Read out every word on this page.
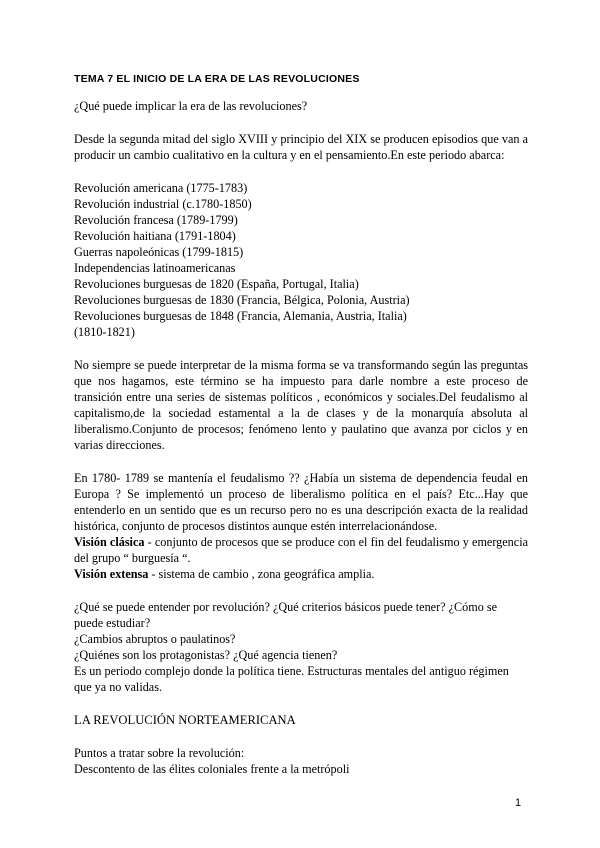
TEMA 7 EL INICIO DE LA ERA DE LAS REVOLUCIONES

¿Qué puede implicar la era de las revoluciones?

Desde la segunda mitad del siglo XVIII y principio del XIX se producen episodios que van a producir un cambio cualitativo en la cultura y en el pensamiento.En este periodo abarca:

Revolución americana (1775-1783)
Revolución industrial (c.1780-1850)
Revolución francesa (1789-1799)
Revolución haitiana (1791-1804)
Guerras napoleónicas (1799-1815)
Independencias latinoamericanas
Revoluciones burguesas de 1820 (España, Portugal, Italia)
Revoluciones burguesas de 1830 (Francia, Bélgica, Polonia, Austria)
Revoluciones burguesas de 1848 (Francia, Alemania, Austria, Italia)
(1810-1821)

No siempre se puede interpretar de la misma forma se va transformando según las preguntas que nos hagamos, este término se ha impuesto para darle nombre a este proceso de transición entre una series de sistemas políticos , económicos y sociales.Del feudalismo al capitalismo,de la sociedad estamental a la de clases y de la monarquía absoluta al liberalismo.Conjunto de procesos; fenómeno lento y paulatino que avanza por ciclos y en varias direcciones.

En 1780- 1789 se mantenía el feudalismo ?? ¿Había un sistema de dependencia feudal en Europa ? Se implementó un proceso de liberalismo política en el país? Etc...Hay que entenderlo en un sentido que es un recurso pero no es una descripción exacta de la realidad histórica, conjunto de procesos distintos aunque estén interrelacionándose.

Visión clásica - conjunto de procesos que se produce con el fin del feudalismo y emergencia del grupo “ burguesía “.

Visión extensa - sistema de cambio , zona geográfica amplia.

¿Qué se puede entender por revolución? ¿Qué criterios básicos puede tener? ¿Cómo se puede estudiar?

¿Cambios abruptos o paulatinos?

¿Quiénes son los protagonistas? ¿Qué agencia tienen?

Es un periodo complejo donde la política tiene. Estructuras mentales del antiguo régimen que ya no validas.

LA REVOLUCIÓN NORTEAMERICANA

Puntos a tratar sobre la revolución:

Descontento de las élites coloniales frente a la metrópoli

1
